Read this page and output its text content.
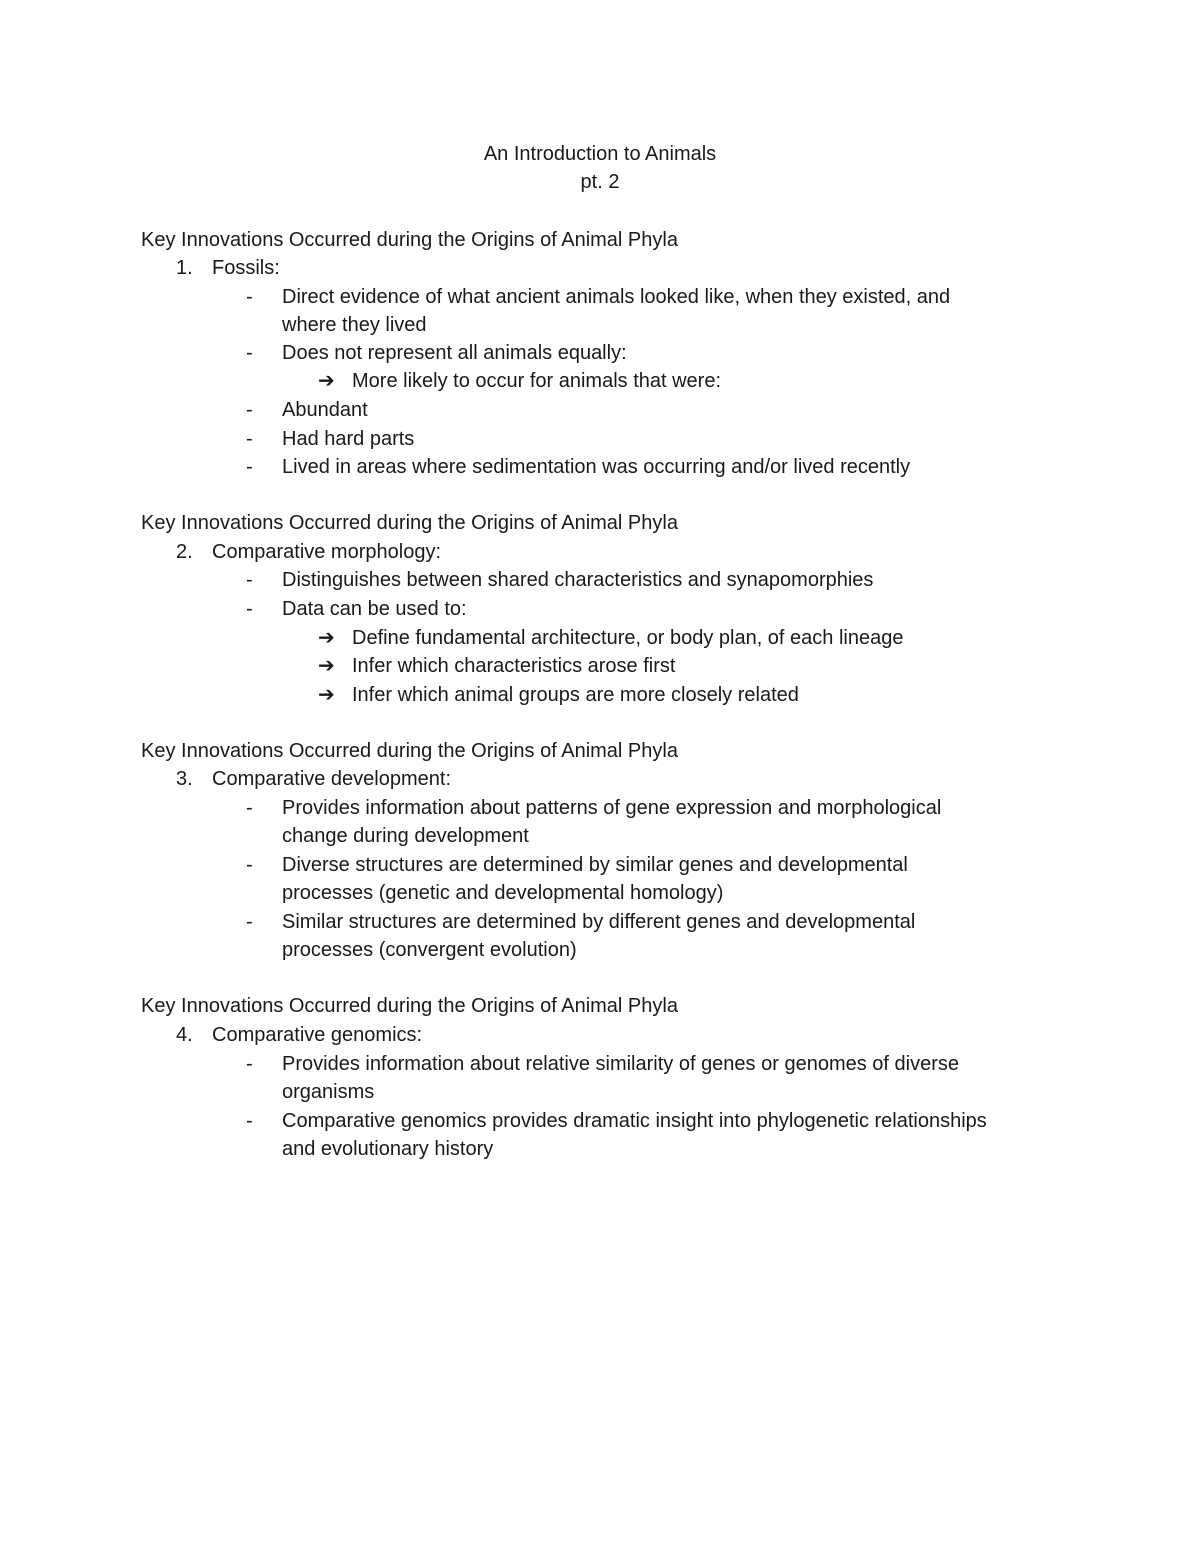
An Introduction to Animals
pt. 2
Key Innovations Occurred during the Origins of Animal Phyla
1. Fossils:
- Direct evidence of what ancient animals looked like, when they existed, and
where they lived
- Does not represent all animals equally:
➔ More likely to occur for animals that were:
- Abundant
- Had hard parts
- Lived in areas where sedimentation was occurring and/or lived recently
Key Innovations Occurred during the Origins of Animal Phyla
2. Comparative morphology:
- Distinguishes between shared characteristics and synapomorphies
- Data can be used to:
➔ Define fundamental architecture, or body plan, of each lineage
➔ Infer which characteristics arose first
➔ Infer which animal groups are more closely related
Key Innovations Occurred during the Origins of Animal Phyla
3. Comparative development:
- Provides information about patterns of gene expression and morphological
change during development
- Diverse structures are determined by similar genes and developmental
processes (genetic and developmental homology)
- Similar structures are determined by different genes and developmental
processes (convergent evolution)
Key Innovations Occurred during the Origins of Animal Phyla
4. Comparative genomics:
- Provides information about relative similarity of genes or genomes of diverse
organisms
- Comparative genomics provides dramatic insight into phylogenetic relationships
and evolutionary history
